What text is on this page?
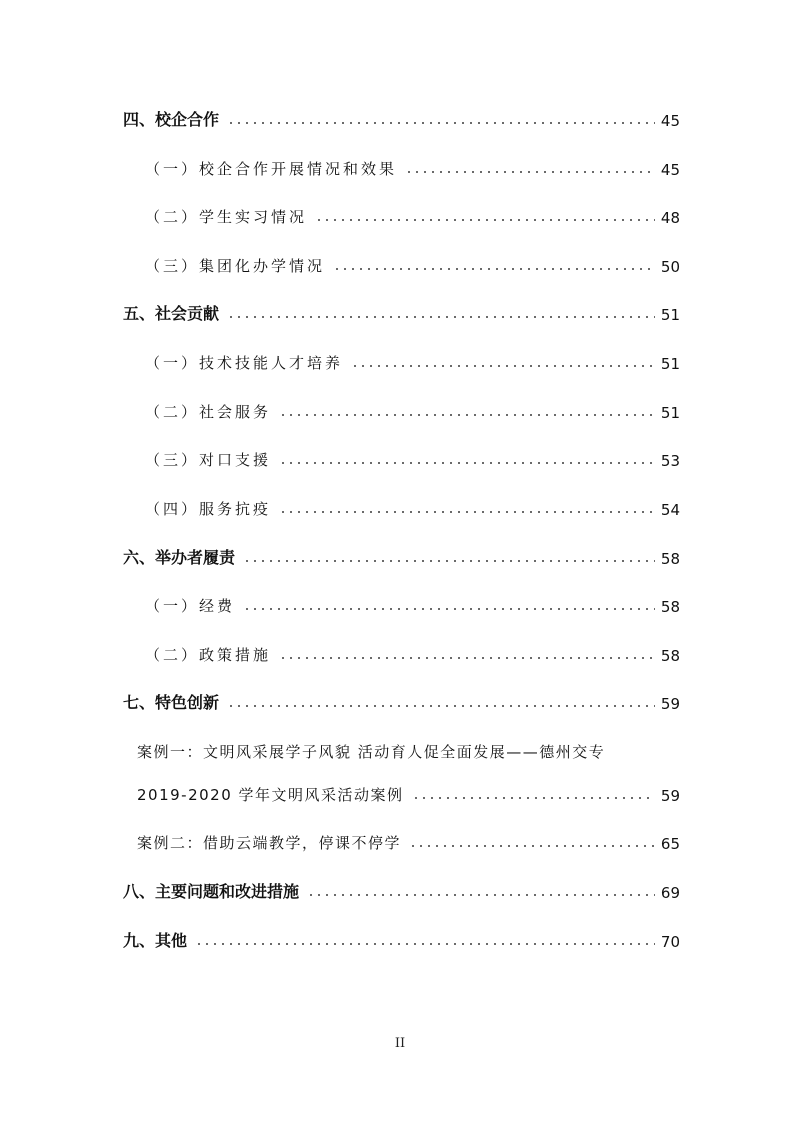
四、校企合作	45
（一）校企合作开展情况和效果	45
（二）学生实习情况	48
（三）集团化办学情况	50
五、社会贡献	51
（一）技术技能人才培养	51
（二）社会服务	51
（三）对口支援	53
（四）服务抗疫	54
六、举办者履责	58
（一）经费	58
（二）政策措施	58
七、特色创新	59
案例一：文明风采展学子风貌 活动育人促全面发展——德州交专
2019-2020 学年文明风采活动案例	59
案例二：借助云端教学，停课不停学	65
八、主要问题和改进措施	69
九、其他	70
II
